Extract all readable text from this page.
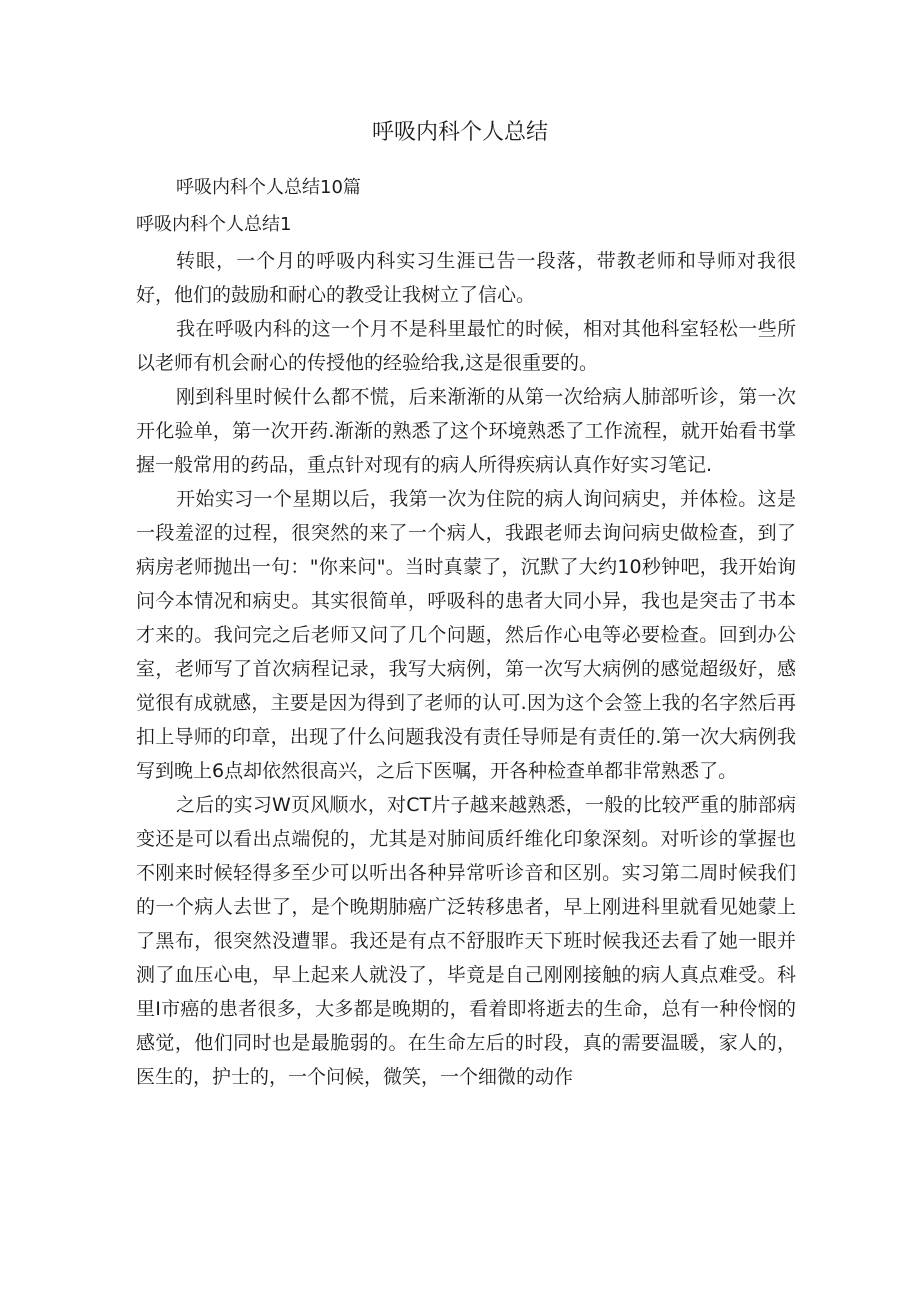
呼吸内科个人总结
呼吸内科个人总结10篇
呼吸内科个人总结1

转眼，一个月的呼吸内科实习生涯已告一段落，带教老师和导师对我很好，他们的鼓励和耐心的教受让我树立了信心。

我在呼吸内科的这一个月不是科里最忙的时候，相对其他科室轻松一些所以老师有机会耐心的传授他的经验给我,这是很重要的。

刚到科里时候什么都不慌，后来渐渐的从第一次给病人肺部听诊，第一次开化验单，第一次开药.渐渐的熟悉了这个环境熟悉了工作流程，就开始看书掌握一般常用的药品，重点针对现有的病人所得疾病认真作好实习笔记.

开始实习一个星期以后，我第一次为住院的病人询问病史，并体检。这是一段羞涩的过程，很突然的来了一个病人，我跟老师去询问病史做检查，到了病房老师抛出一句："你来问"。当时真蒙了，沉默了大约10秒钟吧，我开始询问今本情况和病史。其实很简单，呼吸科的患者大同小异，我也是突击了书本才来的。我问完之后老师又问了几个问题，然后作心电等必要检查。回到办公室，老师写了首次病程记录，我写大病例，第一次写大病例的感觉超级好，感觉很有成就感，主要是因为得到了老师的认可.因为这个会签上我的名字然后再扣上导师的印章，出现了什么问题我没有责任导师是有责任的.第一次大病例我写到晚上6点却依然很高兴，之后下医嘱，开各种检查单都非常熟悉了。

之后的实习W页风顺水，对CT片子越来越熟悉，一般的比较严重的肺部病变还是可以看出点端倪的，尤其是对肺间质纤维化印象深刻。对听诊的掌握也不刚来时候轻得多至少可以听出各种异常听诊音和区别。实习第二周时候我们的一个病人去世了，是个晚期肺癌广泛转移患者，早上刚进科里就看见她蒙上了黑布，很突然没遭罪。我还是有点不舒服昨天下班时候我还去看了她一眼并测了血压心电，早上起来人就没了，毕竟是自己刚刚接触的病人真点难受。科里I市癌的患者很多，大多都是晚期的，看着即将逝去的生命，总有一种伶悯的感觉，他们同时也是最脆弱的。在生命左后的时段，真的需要温暖，家人的，医生的，护士的，一个问候，微笑，一个细微的动作
